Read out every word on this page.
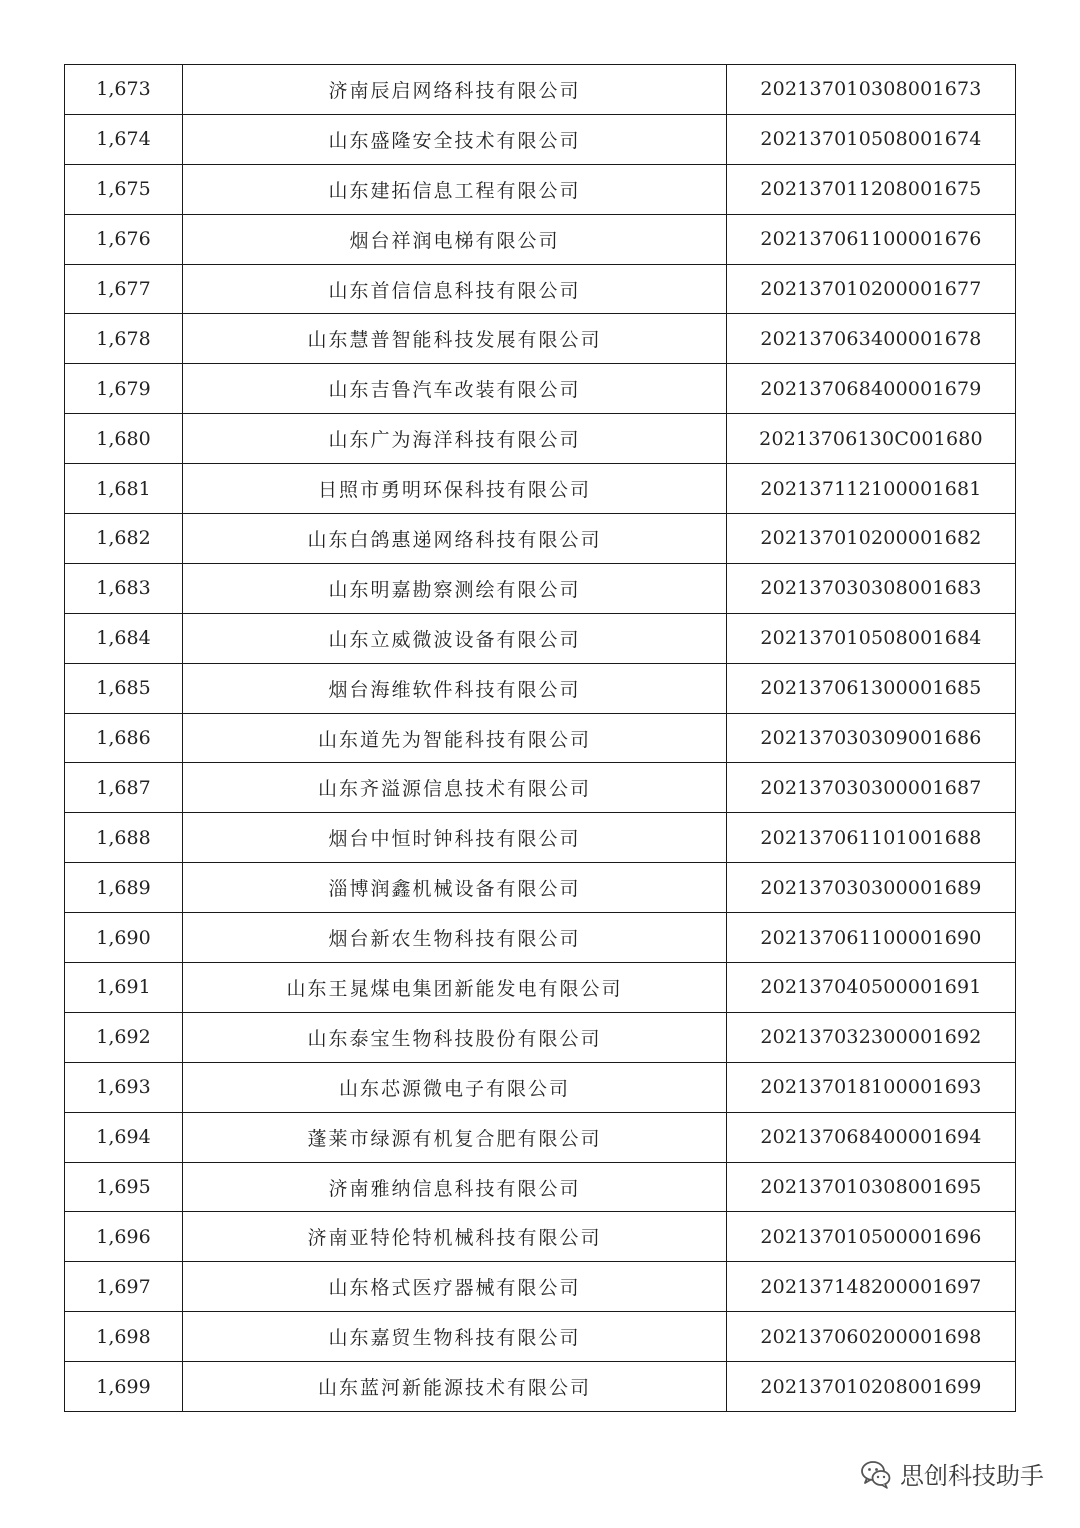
1,673	济南辰启网络科技有限公司	202137010308001673
1,674	山东盛隆安全技术有限公司	202137010508001674
1,675	山东建拓信息工程有限公司	202137011208001675
1,676	烟台祥润电梯有限公司	202137061100001676
1,677	山东首信信息科技有限公司	202137010200001677
1,678	山东慧普智能科技发展有限公司	202137063400001678
1,679	山东吉鲁汽车改装有限公司	202137068400001679
1,680	山东广为海洋科技有限公司	20213706130C001680
1,681	日照市勇明环保科技有限公司	202137112100001681
1,682	山东白鸽惠递网络科技有限公司	202137010200001682
1,683	山东明嘉勘察测绘有限公司	202137030308001683
1,684	山东立威微波设备有限公司	202137010508001684
1,685	烟台海维软件科技有限公司	202137061300001685
1,686	山东道先为智能科技有限公司	202137030309001686
1,687	山东齐溢源信息技术有限公司	202137030300001687
1,688	烟台中恒时钟科技有限公司	202137061101001688
1,689	淄博润鑫机械设备有限公司	202137030300001689
1,690	烟台新农生物科技有限公司	202137061100001690
1,691	山东王晁煤电集团新能发电有限公司	202137040500001691
1,692	山东泰宝生物科技股份有限公司	202137032300001692
1,693	山东芯源微电子有限公司	202137018100001693
1,694	蓬莱市绿源有机复合肥有限公司	202137068400001694
1,695	济南雅纳信息科技有限公司	202137010308001695
1,696	济南亚特伦特机械科技有限公司	202137010500001696
1,697	山东格式医疗器械有限公司	202137148200001697
1,698	山东嘉贸生物科技有限公司	202137060200001698
1,699	山东蓝河新能源技术有限公司	202137010208001699
思创科技助手
